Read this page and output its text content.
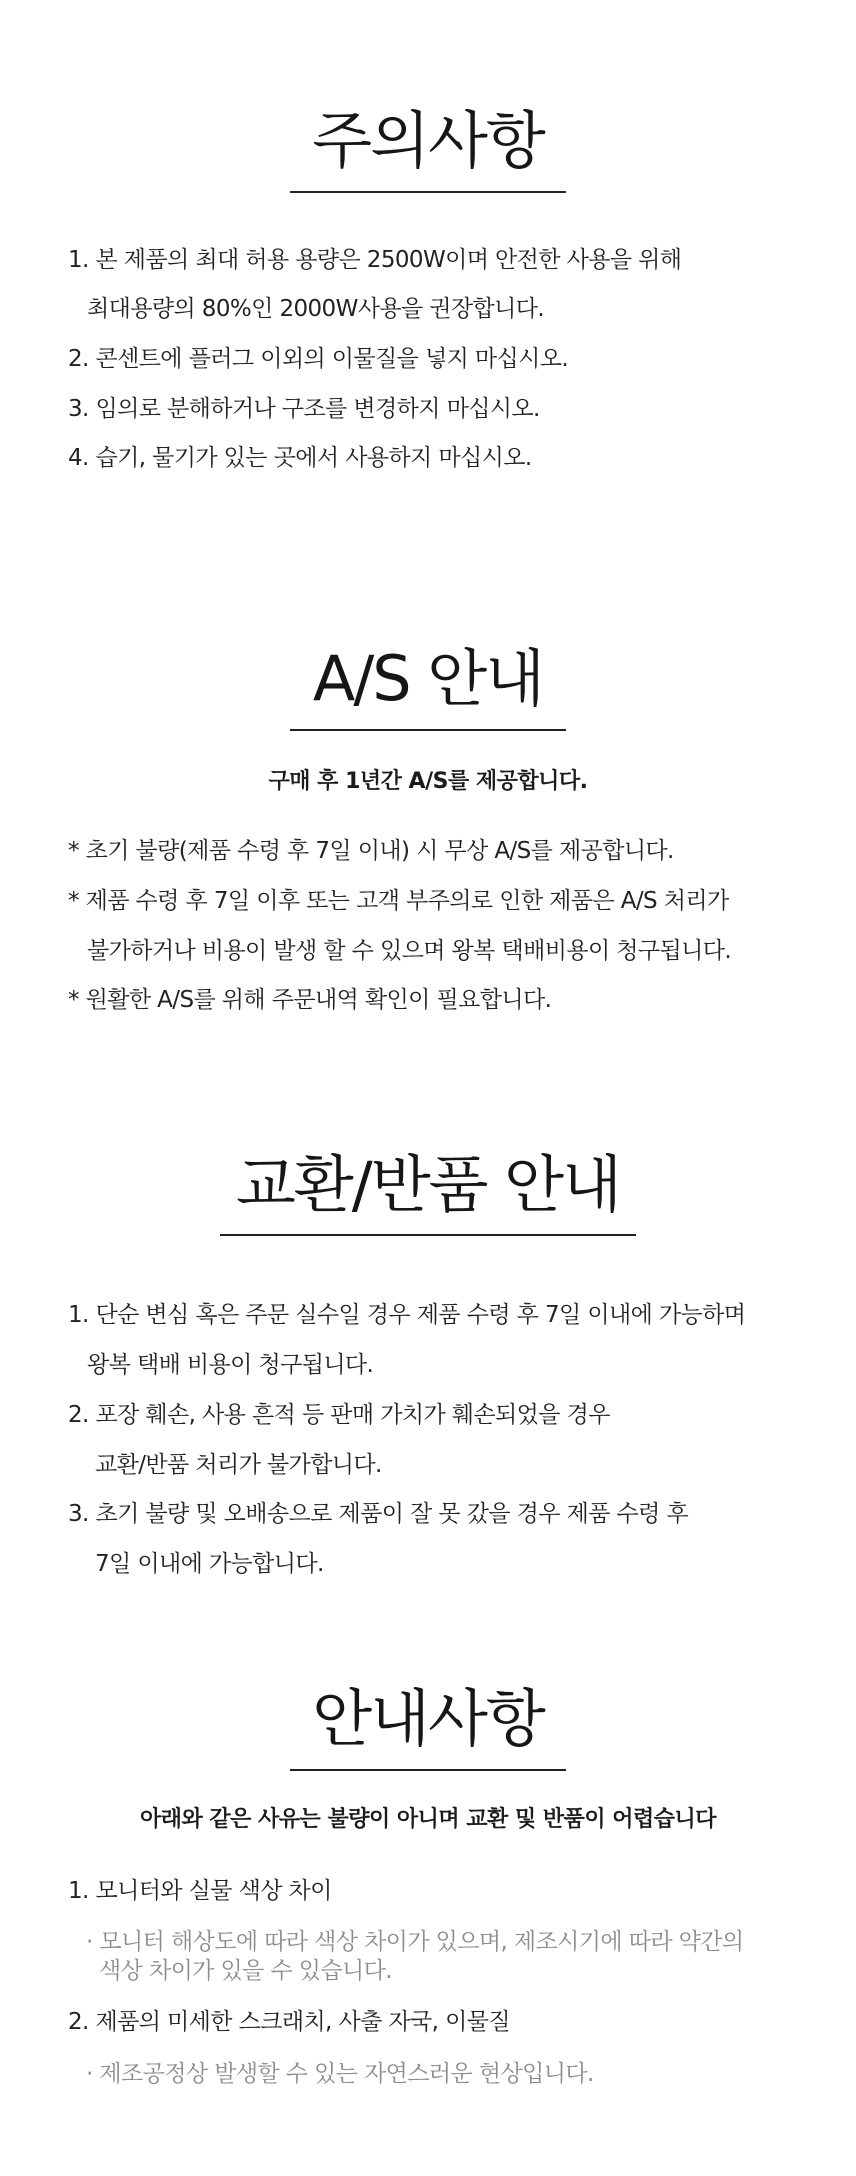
주의사항
1. 본 제품의 최대 허용 용량은 2500W이며 안전한 사용을 위해
최대용량의 80%인 2000W사용을 권장합니다.
2. 콘센트에 플러그 이외의 이물질을 넣지 마십시오.
3. 임의로 분해하거나 구조를 변경하지 마십시오.
4. 습기, 물기가 있는 곳에서 사용하지 마십시오.
A/S 안내
구매 후 1년간 A/S를 제공합니다.
* 초기 불량(제품 수령 후 7일 이내) 시 무상 A/S를 제공합니다.
* 제품 수령 후 7일 이후 또는 고객 부주의로 인한 제품은 A/S 처리가
불가하거나 비용이 발생 할 수 있으며 왕복 택배비용이 청구됩니다.
* 원활한 A/S를 위해 주문내역 확인이 필요합니다.
교환/반품 안내
1. 단순 변심 혹은 주문 실수일 경우 제품 수령 후 7일 이내에 가능하며
왕복 택배 비용이 청구됩니다.
2. 포장 훼손, 사용 흔적 등 판매 가치가 훼손되었을 경우
교환/반품 처리가 불가합니다.
3. 초기 불량 및 오배송으로 제품이 잘 못 갔을 경우 제품 수령 후
7일 이내에 가능합니다.
안내사항
아래와 같은 사유는 불량이 아니며 교환 및 반품이 어렵습니다
1. 모니터와 실물 색상 차이
· 모니터 해상도에 따라 색상 차이가 있으며, 제조시기에 따라 약간의
색상 차이가 있을 수 있습니다.
2. 제품의 미세한 스크래치, 사출 자국, 이물질
· 제조공정상 발생할 수 있는 자연스러운 현상입니다.
